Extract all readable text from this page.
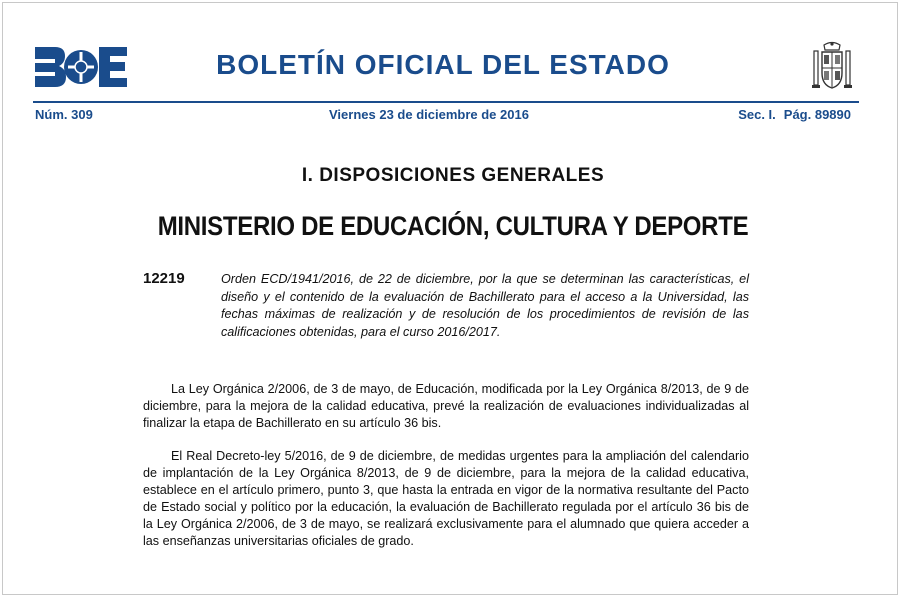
BOLETÍN OFICIAL DEL ESTADO
Núm. 309	Viernes 23 de diciembre de 2016	Sec. I. Pág. 89890
I. DISPOSICIONES GENERALES
MINISTERIO DE EDUCACIÓN, CULTURA Y DEPORTE
12219	Orden ECD/1941/2016, de 22 de diciembre, por la que se determinan las características, el diseño y el contenido de la evaluación de Bachillerato para el acceso a la Universidad, las fechas máximas de realización y de resolución de los procedimientos de revisión de las calificaciones obtenidas, para el curso 2016/2017.

La Ley Orgánica 2/2006, de 3 de mayo, de Educación, modificada por la Ley Orgánica 8/2013, de 9 de diciembre, para la mejora de la calidad educativa, prevé la realización de evaluaciones individualizadas al finalizar la etapa de Bachillerato en su artículo 36 bis.

El Real Decreto-ley 5/2016, de 9 de diciembre, de medidas urgentes para la ampliación del calendario de implantación de la Ley Orgánica 8/2013, de 9 de diciembre, para la mejora de la calidad educativa, establece en el artículo primero, punto 3, que hasta la entrada en vigor de la normativa resultante del Pacto de Estado social y político por la educación, la evaluación de Bachillerato regulada por el artículo 36 bis de la Ley Orgánica 2/2006, de 3 de mayo, se realizará exclusivamente para el alumnado que quiera acceder a las enseñanzas universitarias oficiales de grado.
